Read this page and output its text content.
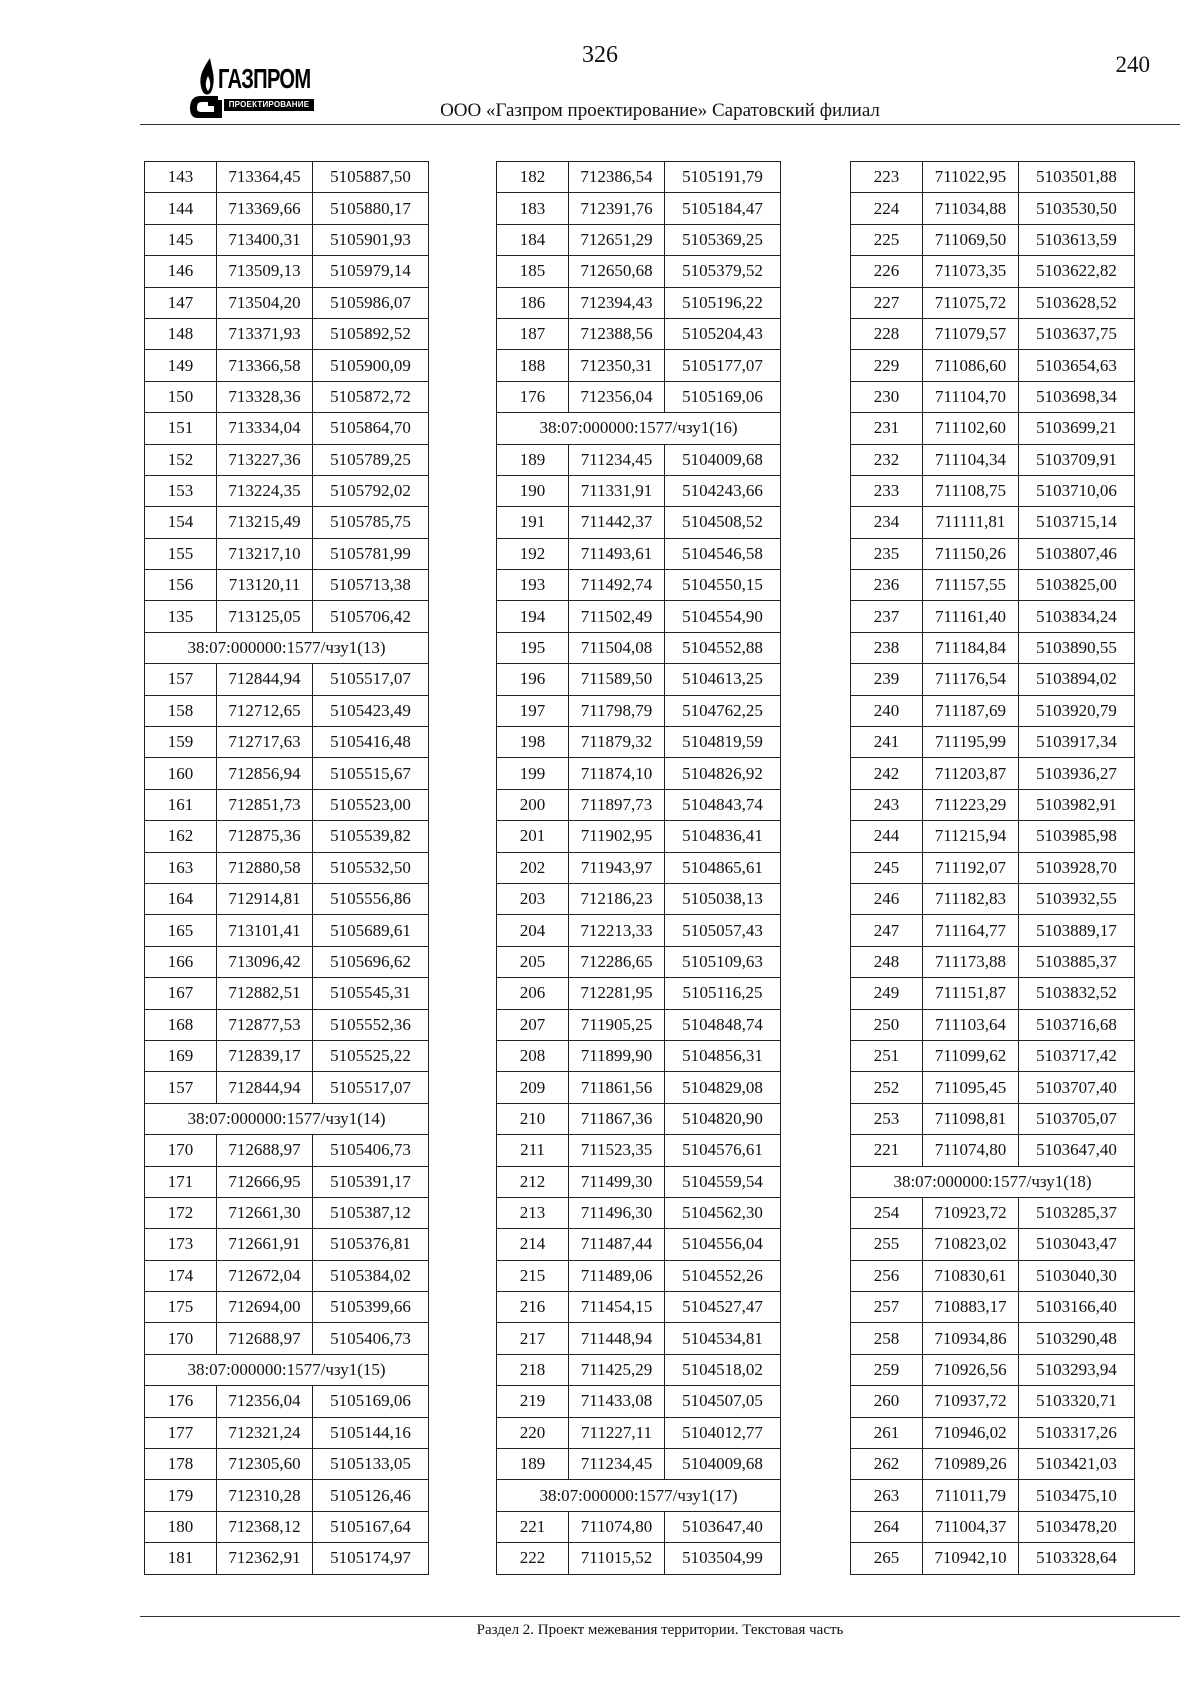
ГАЗПРОМ
ПРОЕКТИРОВАНИЕ
326	240
ООО «Газпром проектирование» Саратовский филиал
143	713364,45	5105887,50
144	713369,66	5105880,17
145	713400,31	5105901,93
146	713509,13	5105979,14
147	713504,20	5105986,07
148	713371,93	5105892,52
149	713366,58	5105900,09
150	713328,36	5105872,72
151	713334,04	5105864,70
152	713227,36	5105789,25
153	713224,35	5105792,02
154	713215,49	5105785,75
155	713217,10	5105781,99
156	713120,11	5105713,38
135	713125,05	5105706,42
38:07:000000:1577/чзу1(13)		
157	712844,94	5105517,07
158	712712,65	5105423,49
159	712717,63	5105416,48
160	712856,94	5105515,67
161	712851,73	5105523,00
162	712875,36	5105539,82
163	712880,58	5105532,50
164	712914,81	5105556,86
165	713101,41	5105689,61
166	713096,42	5105696,62
167	712882,51	5105545,31
168	712877,53	5105552,36
169	712839,17	5105525,22
157	712844,94	5105517,07
38:07:000000:1577/чзу1(14)		
170	712688,97	5105406,73
171	712666,95	5105391,17
172	712661,30	5105387,12
173	712661,91	5105376,81
174	712672,04	5105384,02
175	712694,00	5105399,66
170	712688,97	5105406,73
38:07:000000:1577/чзу1(15)		
176	712356,04	5105169,06
177	712321,24	5105144,16
178	712305,60	5105133,05
179	712310,28	5105126,46
180	712368,12	5105167,64
181	712362,91	5105174,97
182	712386,54	5105191,79
183	712391,76	5105184,47
184	712651,29	5105369,25
185	712650,68	5105379,52
186	712394,43	5105196,22
187	712388,56	5105204,43
188	712350,31	5105177,07
176	712356,04	5105169,06
38:07:000000:1577/чзу1(16)		
189	711234,45	5104009,68
190	711331,91	5104243,66
191	711442,37	5104508,52
192	711493,61	5104546,58
193	711492,74	5104550,15
194	711502,49	5104554,90
195	711504,08	5104552,88
196	711589,50	5104613,25
197	711798,79	5104762,25
198	711879,32	5104819,59
199	711874,10	5104826,92
200	711897,73	5104843,74
201	711902,95	5104836,41
202	711943,97	5104865,61
203	712186,23	5105038,13
204	712213,33	5105057,43
205	712286,65	5105109,63
206	712281,95	5105116,25
207	711905,25	5104848,74
208	711899,90	5104856,31
209	711861,56	5104829,08
210	711867,36	5104820,90
211	711523,35	5104576,61
212	711499,30	5104559,54
213	711496,30	5104562,30
214	711487,44	5104556,04
215	711489,06	5104552,26
216	711454,15	5104527,47
217	711448,94	5104534,81
218	711425,29	5104518,02
219	711433,08	5104507,05
220	711227,11	5104012,77
189	711234,45	5104009,68
38:07:000000:1577/чзу1(17)		
221	711074,80	5103647,40
222	711015,52	5103504,99
223	711022,95	5103501,88
224	711034,88	5103530,50
225	711069,50	5103613,59
226	711073,35	5103622,82
227	711075,72	5103628,52
228	711079,57	5103637,75
229	711086,60	5103654,63
230	711104,70	5103698,34
231	711102,60	5103699,21
232	711104,34	5103709,91
233	711108,75	5103710,06
234	711111,81	5103715,14
235	711150,26	5103807,46
236	711157,55	5103825,00
237	711161,40	5103834,24
238	711184,84	5103890,55
239	711176,54	5103894,02
240	711187,69	5103920,79
241	711195,99	5103917,34
242	711203,87	5103936,27
243	711223,29	5103982,91
244	711215,94	5103985,98
245	711192,07	5103928,70
246	711182,83	5103932,55
247	711164,77	5103889,17
248	711173,88	5103885,37
249	711151,87	5103832,52
250	711103,64	5103716,68
251	711099,62	5103717,42
252	711095,45	5103707,40
253	711098,81	5103705,07
221	711074,80	5103647,40
38:07:000000:1577/чзу1(18)		
254	710923,72	5103285,37
255	710823,02	5103043,47
256	710830,61	5103040,30
257	710883,17	5103166,40
258	710934,86	5103290,48
259	710926,56	5103293,94
260	710937,72	5103320,71
261	710946,02	5103317,26
262	710989,26	5103421,03
263	711011,79	5103475,10
264	711004,37	5103478,20
265	710942,10	5103328,64
Раздел 2. Проект межевания территории. Текстовая часть
